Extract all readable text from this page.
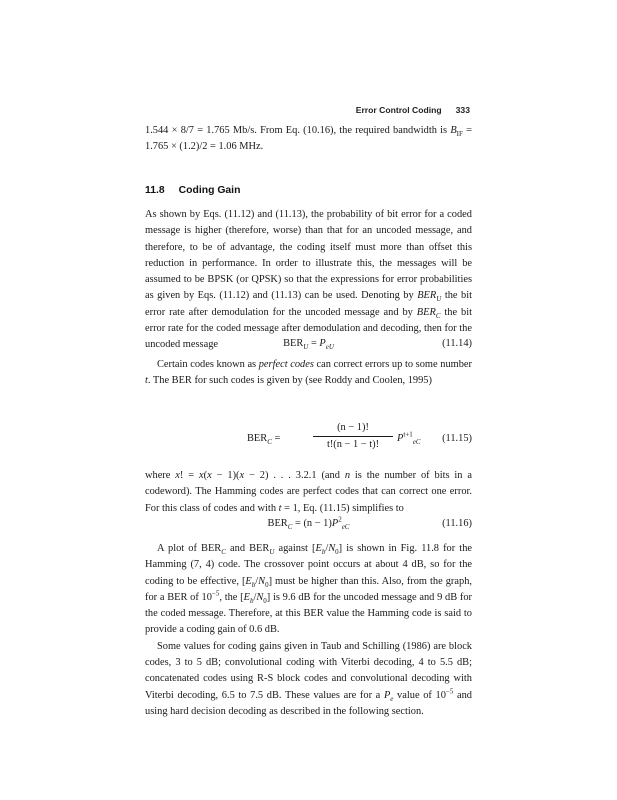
Error Control Coding 333

1.544 × 8/7 = 1.765 Mb/s. From Eq. (10.16), the required bandwidth is $B_{IF} = 1.765 \times (1.2)/2 = 1.06$ MHz.

11.8 Coding Gain

As shown by Eqs. (11.12) and (11.13), the probability of bit error for a coded message is higher (therefore, worse) than that for an uncoded message, and therefore, to be of advantage, the coding itself must more than offset this reduction in performance. In order to illustrate this, the messages will be assumed to be BPSK (or QPSK) so that the expressions for error probabilities as given by Eqs. (11.12) and (11.13) can be used. Denoting by $BER_U$ the bit error rate after demodulation for the uncoded message and by $BER_C$ the bit error rate for the coded message after demodulation and decoding, then for the uncoded message	$BER_U = P_{eU}$	(11.14)

Certain codes known as perfect codes can correct errors up to some number t. The BER for such codes is given by (see Roddy and Coolen, 1995)

$BER_C$ =
(n − 1)!
t!(n − 1 − t)!
$P^{t+1}_{eC}$ (11.15)

where x! = x(x − 1)(x − 2) . . . 3.2.1 (and n is the number of bits in a codeword). The Hamming codes are perfect codes that can correct one error. For this class of codes and with t = 1, Eq. (11.15) simplifies to

$BER_C = (n - 1)P^2_{eC}$	(11.16)

A plot of $BER_C$ and $BER_U$ against $[E_b/N_0]$ is shown in Fig. 11.8 for the Hamming (7, 4) code. The crossover point occurs at about 4 dB, so for the coding to be effective, $[E_b/N_0]$ must be higher than this. Also, from the graph, for a BER of $10^{-5}$, the $[E_b/N_0]$ is 9.6 dB for the uncoded message and 9 dB for the coded message. Therefore, at this BER value the Hamming code is said to provide a coding gain of 0.6 dB.

Some values for coding gains given in Taub and Schilling (1986) are block codes, 3 to 5 dB; convolutional coding with Viterbi decoding, 4 to 5.5 dB; concatenated codes using R-S block codes and convolutional decoding with Viterbi decoding, 6.5 to 7.5 dB. These values are for a $P_e$ value of $10^{-5}$ and using hard decision decoding as described in the following section.
